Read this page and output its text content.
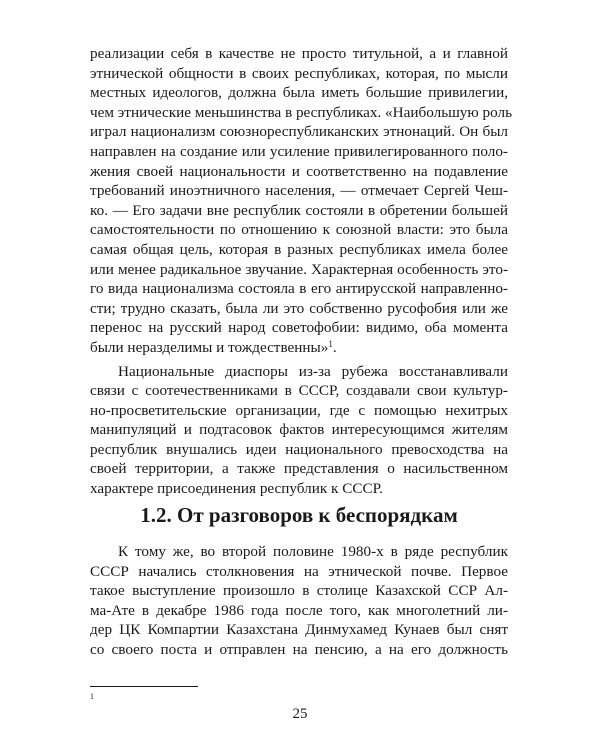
реализации себя в качестве не просто титульной, а и главной
этнической общности в своих республиках, которая, по мысли
местных идеологов, должна была иметь большие привилегии,
чем этнические меньшинства в республиках. «Наибольшую роль
играл национализм союзнореспубликанских этнонаций. Он был
направлен на создание или усиление привилегированного поло-
жения своей национальности и соответственно на подавление
требований иноэтничного населения, — отмечает Сергей Чеш-
ко. — Его задачи вне республик состояли в обретении большей
самостоятельности по отношению к союзной власти: это была
самая общая цель, которая в разных республиках имела более
или менее радикальное звучание. Характерная особенность это-
го вида национализма состояла в его антирусской направленно-
сти; трудно сказать, была ли это собственно русофобия или же
перенос на русский народ советофобии: видимо, оба момента
были неразделимы и тождественны»$^1$.
Национальные диаспоры из-за рубежа восстанавливали
связи с соотечественниками в СССР, создавали свои культур-
но-просветительские организации, где с помощью нехитрых
манипуляций и подтасовок фактов интересующимся жителям
республик внушались идеи национального превосходства на
своей территории, а также представления о насильственном
характере присоединения республик к СССР.
1.2. От разговоров к беспорядкам
К тому же, во второй половине 1980-х в ряде республик
СССР начались столкновения на этнической почве. Первое
такое выступление произошло в столице Казахской ССР Ал-
ма-Ате в декабре 1986 года после того, как многолетний ли-
дер ЦК Компартии Казахстана Динмухамед Кунаев был снят
со своего поста и отправлен на пенсию, а на его должность
1
25
